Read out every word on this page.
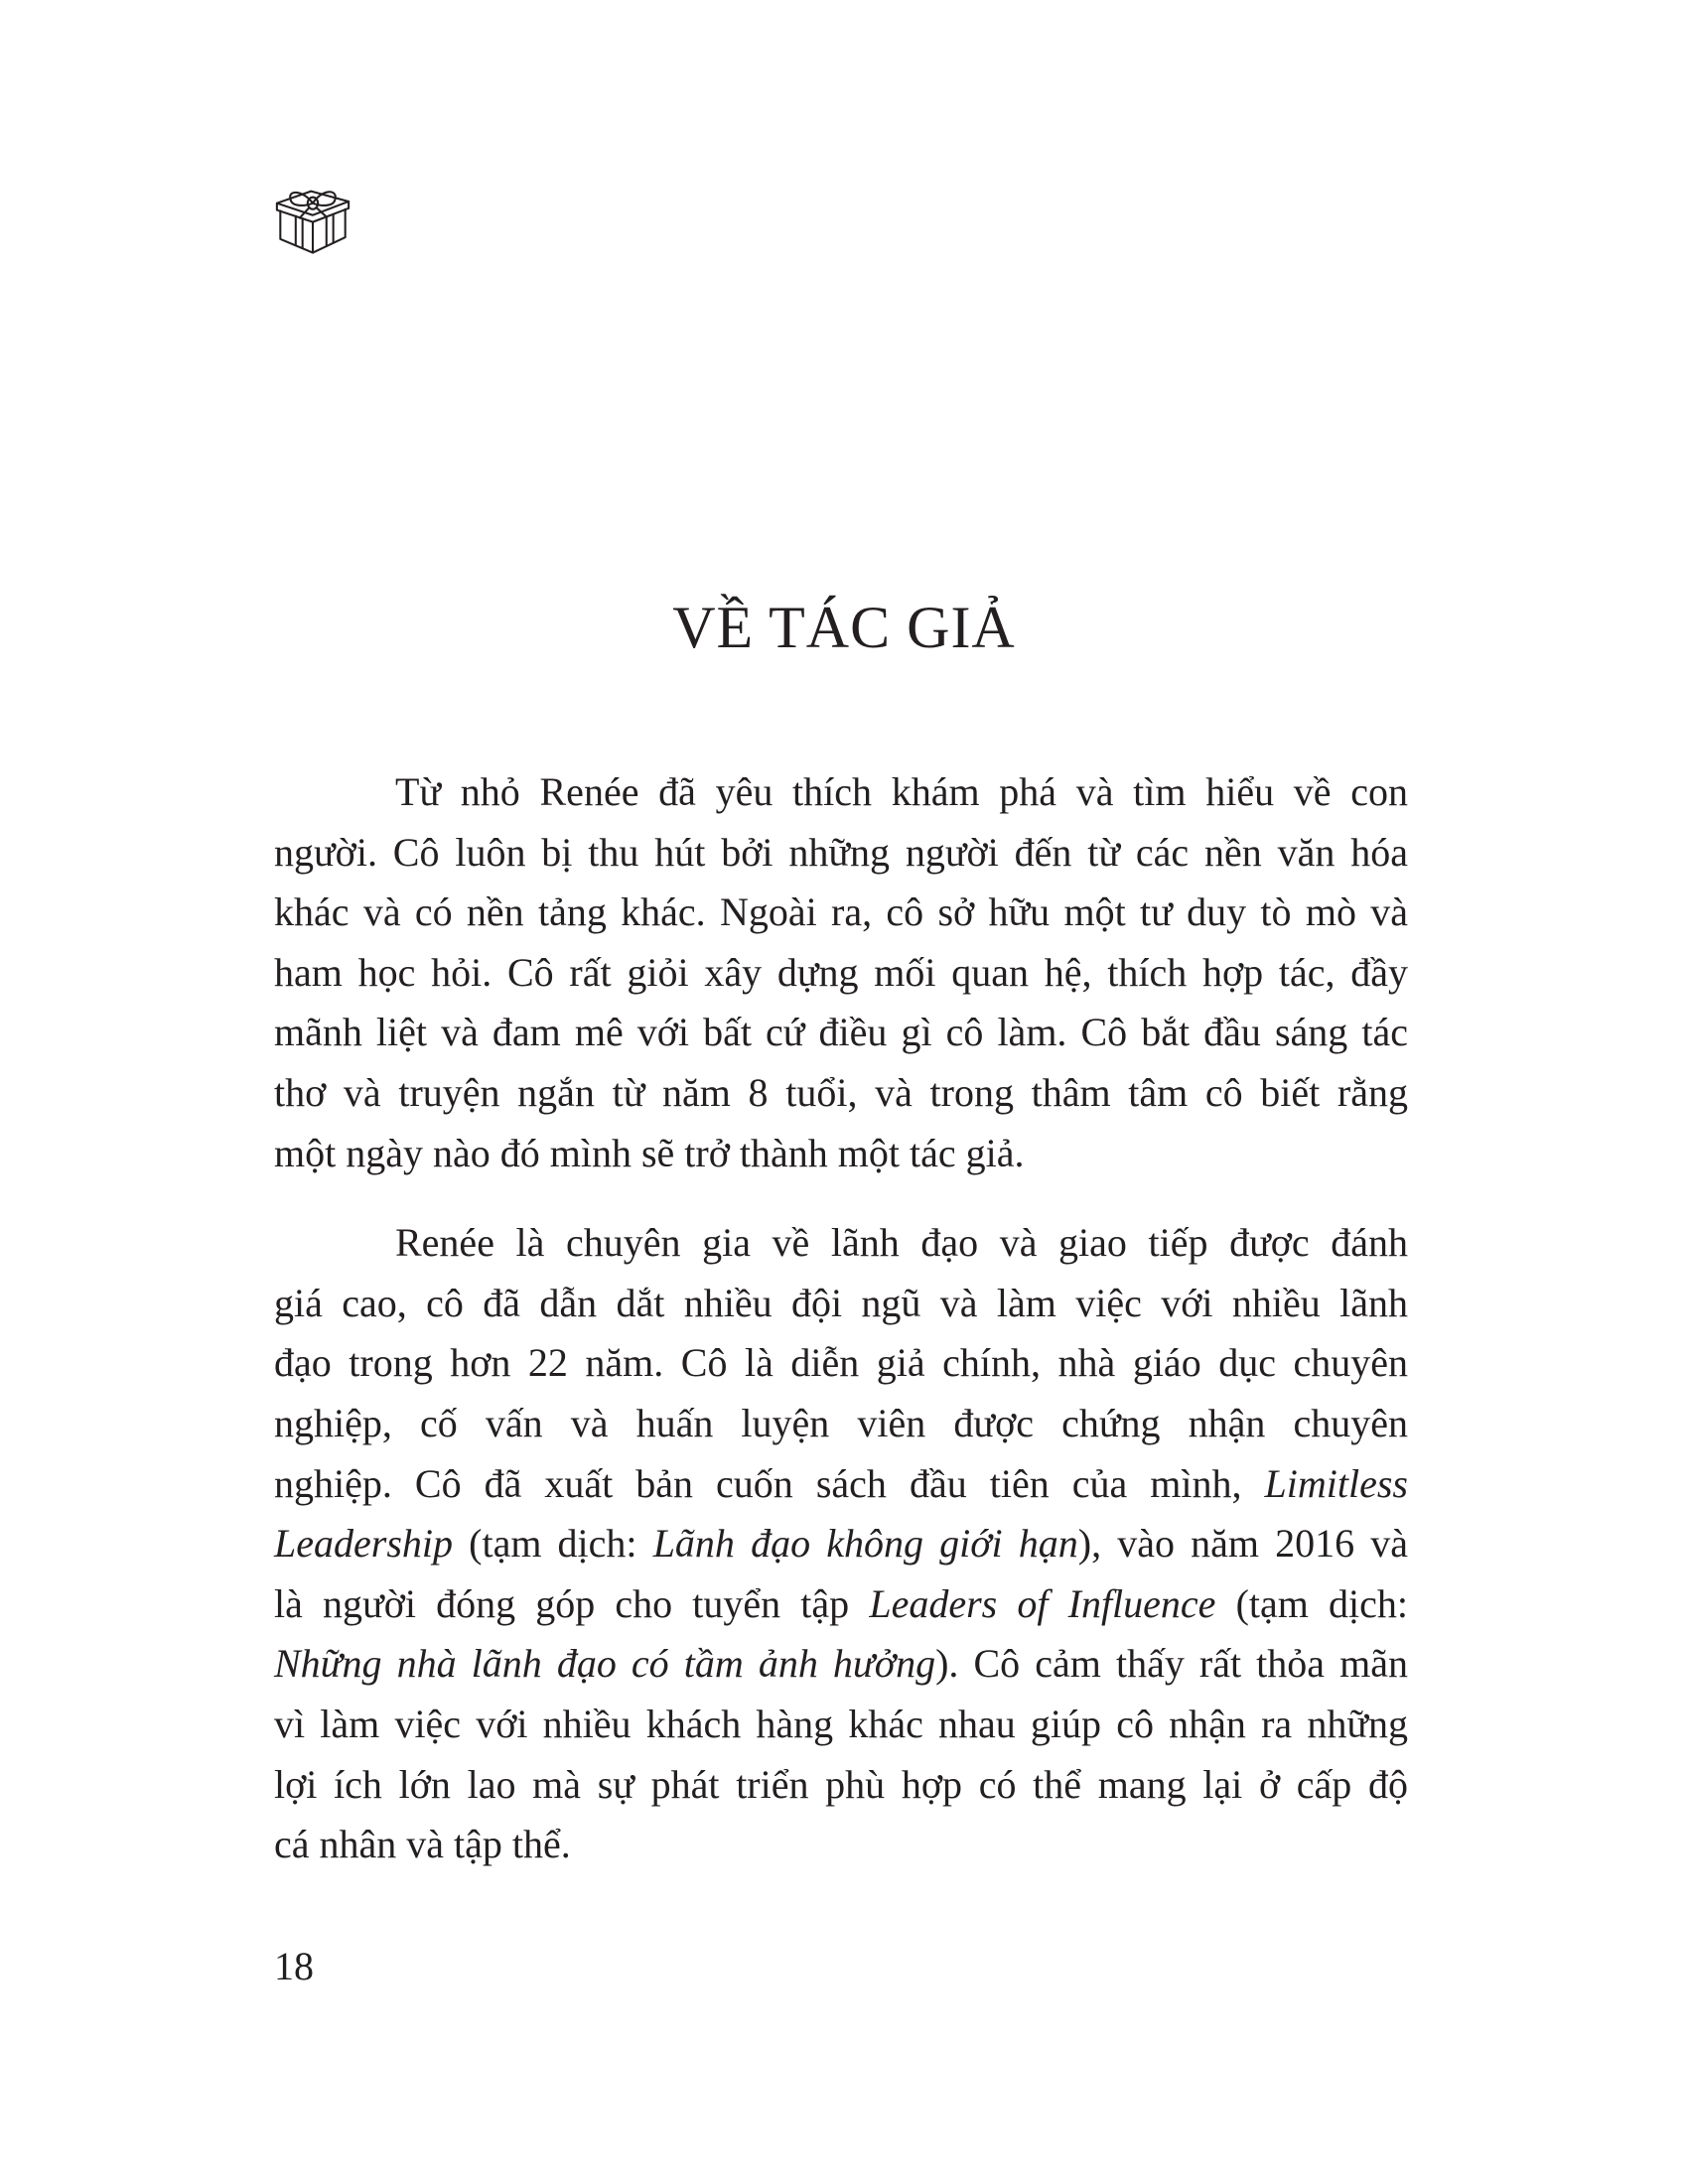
VỀ TÁC GIẢ
Từ nhỏ Renée đã yêu thích khám phá và tìm hiểu về con
người. Cô luôn bị thu hút bởi những người đến từ các nền văn hóa
khác và có nền tảng khác. Ngoài ra, cô sở hữu một tư duy tò mò và
ham học hỏi. Cô rất giỏi xây dựng mối quan hệ, thích hợp tác, đầy
mãnh liệt và đam mê với bất cứ điều gì cô làm. Cô bắt đầu sáng tác
thơ và truyện ngắn từ năm 8 tuổi, và trong thâm tâm cô biết rằng
một ngày nào đó mình sẽ trở thành một tác giả.
Renée là chuyên gia về lãnh đạo và giao tiếp được đánh
giá cao, cô đã dẫn dắt nhiều đội ngũ và làm việc với nhiều lãnh
đạo trong hơn 22 năm. Cô là diễn giả chính, nhà giáo dục chuyên
nghiệp, cố vấn và huấn luyện viên được chứng nhận chuyên
nghiệp. Cô đã xuất bản cuốn sách đầu tiên của mình, Limitless
Leadership (tạm dịch: Lãnh đạo không giới hạn), vào năm 2016 và
là người đóng góp cho tuyển tập Leaders of Influence (tạm dịch:
Những nhà lãnh đạo có tầm ảnh hưởng). Cô cảm thấy rất thỏa mãn
vì làm việc với nhiều khách hàng khác nhau giúp cô nhận ra những
lợi ích lớn lao mà sự phát triển phù hợp có thể mang lại ở cấp độ
cá nhân và tập thể.
18
